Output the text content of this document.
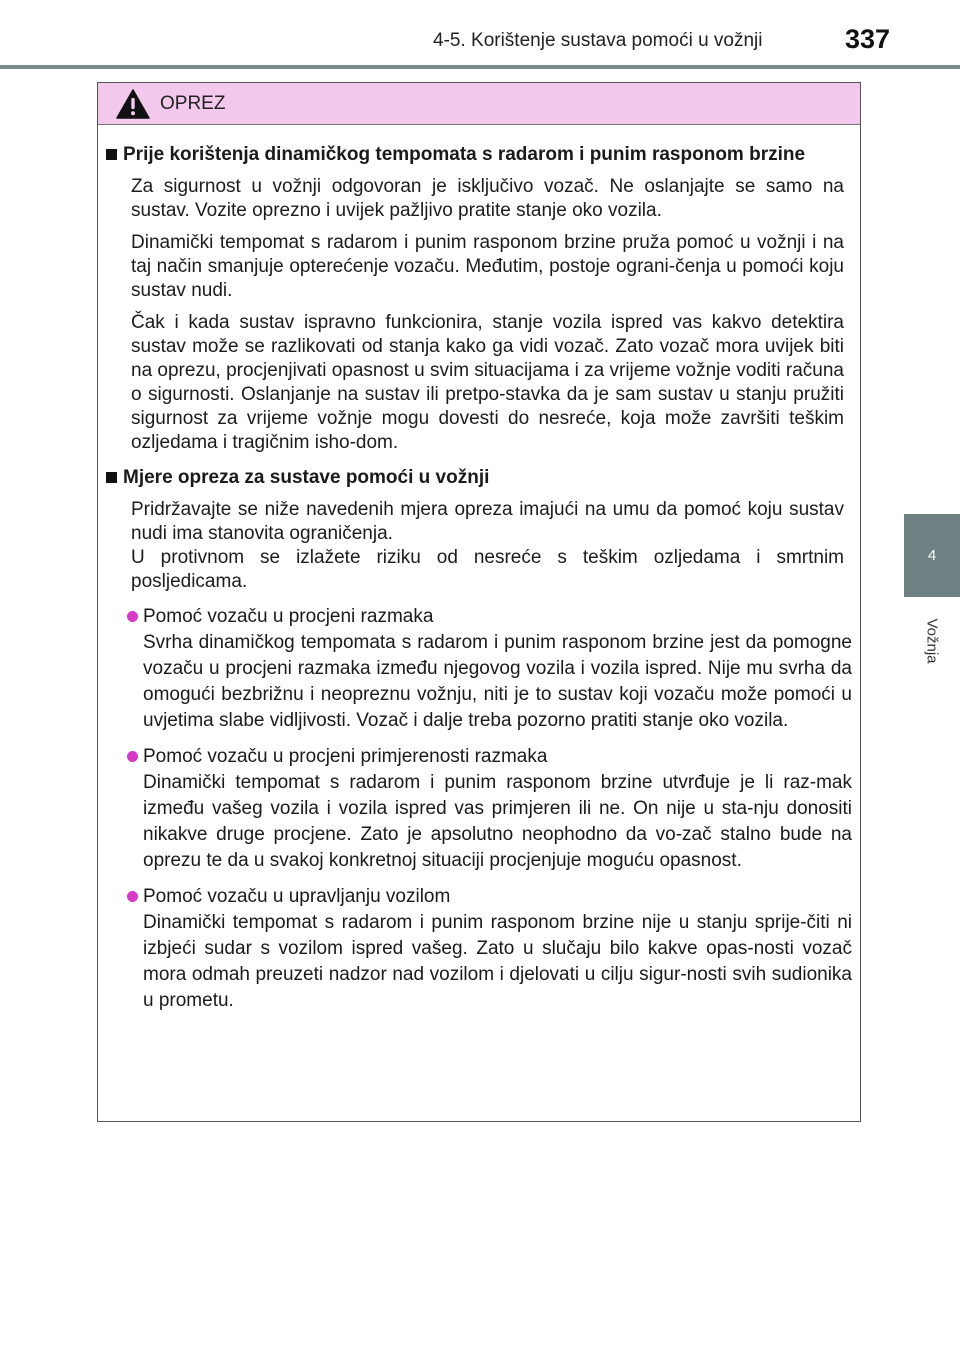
4-5. Korištenje sustava pomoći u vožnji	337
4
Vožnja
OPREZ
Prije korištenja dinamičkog tempomata s radarom i punim rasponom brzine

Za sigurnost u vožnji odgovoran je isključivo vozač. Ne oslanjajte se samo na sustav. Vozite oprezno i uvijek pažljivo pratite stanje oko vozila.

Dinamički tempomat s radarom i punim rasponom brzine pruža pomoć u vožnji i na taj način smanjuje opterećenje vozaču. Međutim, postoje ograni-čenja u pomoći koju sustav nudi.

Čak i kada sustav ispravno funkcionira, stanje vozila ispred vas kakvo detektira sustav može se razlikovati od stanja kako ga vidi vozač. Zato vozač mora uvijek biti na oprezu, procjenjivati opasnost u svim situacijama i za vrijeme vožnje voditi računa o sigurnosti. Oslanjanje na sustav ili pretpo-stavka da je sam sustav u stanju pružiti sigurnost za vrijeme vožnje mogu dovesti do nesreće, koja može završiti teškim ozljedama i tragičnim isho-dom.

Mjere opreza za sustave pomoći u vožnji

Pridržavajte se niže navedenih mjera opreza imajući na umu da pomoć koju sustav nudi ima stanovita ograničenja.

U protivnom se izlažete riziku od nesreće s teškim ozljedama i smrtnim posljedicama.

Pomoć vozaču u procjeni razmaka
Svrha dinamičkog tempomata s radarom i punim rasponom brzine jest da pomogne vozaču u procjeni razmaka između njegovog vozila i vozila ispred. Nije mu svrha da omogući bezbrižnu i neopreznu vožnju, niti je to sustav koji vozaču može pomoći u uvjetima slabe vidljivosti. Vozač i dalje treba pozorno pratiti stanje oko vozila.
Pomoć vozaču u procjeni primjerenosti razmaka
Dinamički tempomat s radarom i punim rasponom brzine utvrđuje je li raz-mak između vašeg vozila i vozila ispred vas primjeren ili ne. On nije u sta-nju donositi nikakve druge procjene. Zato je apsolutno neophodno da vo-zač stalno bude na oprezu te da u svakoj konkretnoj situaciji procjenjuje moguću opasnost.
Pomoć vozaču u upravljanju vozilom
Dinamički tempomat s radarom i punim rasponom brzine nije u stanju sprije-čiti ni izbjeći sudar s vozilom ispred vašeg. Zato u slučaju bilo kakve opas-nosti vozač mora odmah preuzeti nadzor nad vozilom i djelovati u cilju sigur-nosti svih sudionika u prometu.
